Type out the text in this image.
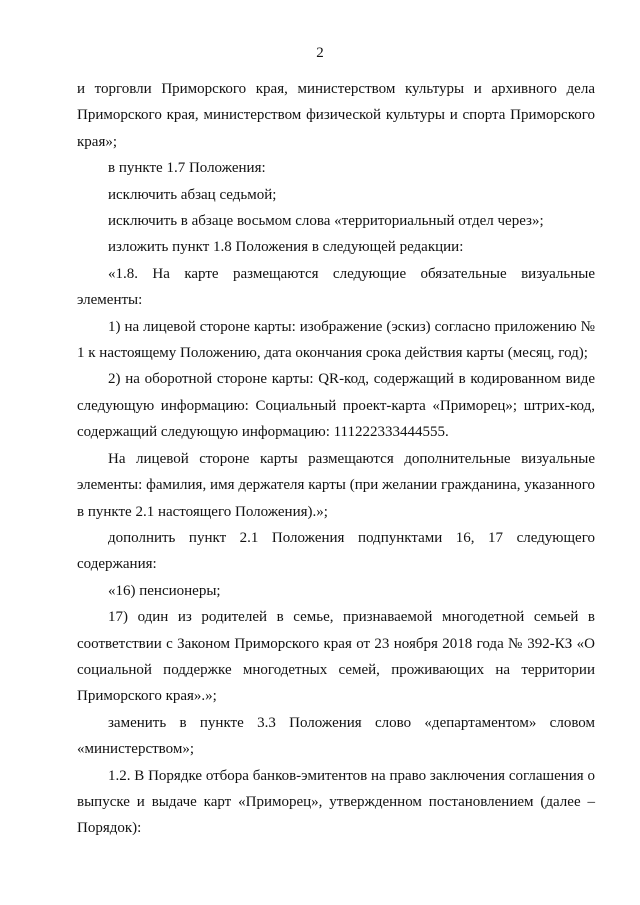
2

и торговли Приморского края, министерством культуры и архивного дела Приморского края, министерством физической культуры и спорта Приморского края»;

в пункте 1.7 Положения:

исключить абзац седьмой;

исключить в абзаце восьмом слова «территориальный отдел через»;

изложить пункт 1.8 Положения в следующей редакции:

«1.8. На карте размещаются следующие обязательные визуальные элементы:

1) на лицевой стороне карты: изображение (эскиз) согласно приложению № 1 к настоящему Положению, дата окончания срока действия карты (месяц, год);

2) на оборотной стороне карты: QR-код, содержащий в кодированном виде следующую информацию: Социальный проект-карта «Приморец»; штрих-код, содержащий следующую информацию: 111222333444555.

На лицевой стороне карты размещаются дополнительные визуальные элементы: фамилия, имя держателя карты (при желании гражданина, указанного в пункте 2.1 настоящего Положения).»;

дополнить пункт 2.1 Положения подпунктами 16, 17 следующего содержания:

«16) пенсионеры;

17) один из родителей в семье, признаваемой многодетной семьей в соответствии с Законом Приморского края от 23 ноября 2018 года № 392-КЗ «О социальной поддержке многодетных семей, проживающих на территории Приморского края».»;

заменить в пункте 3.3 Положения слово «департаментом» словом «министерством»;

1.2. В Порядке отбора банков-эмитентов на право заключения соглашения о выпуске и выдаче карт «Приморец», утвержденном постановлением (далее – Порядок):
